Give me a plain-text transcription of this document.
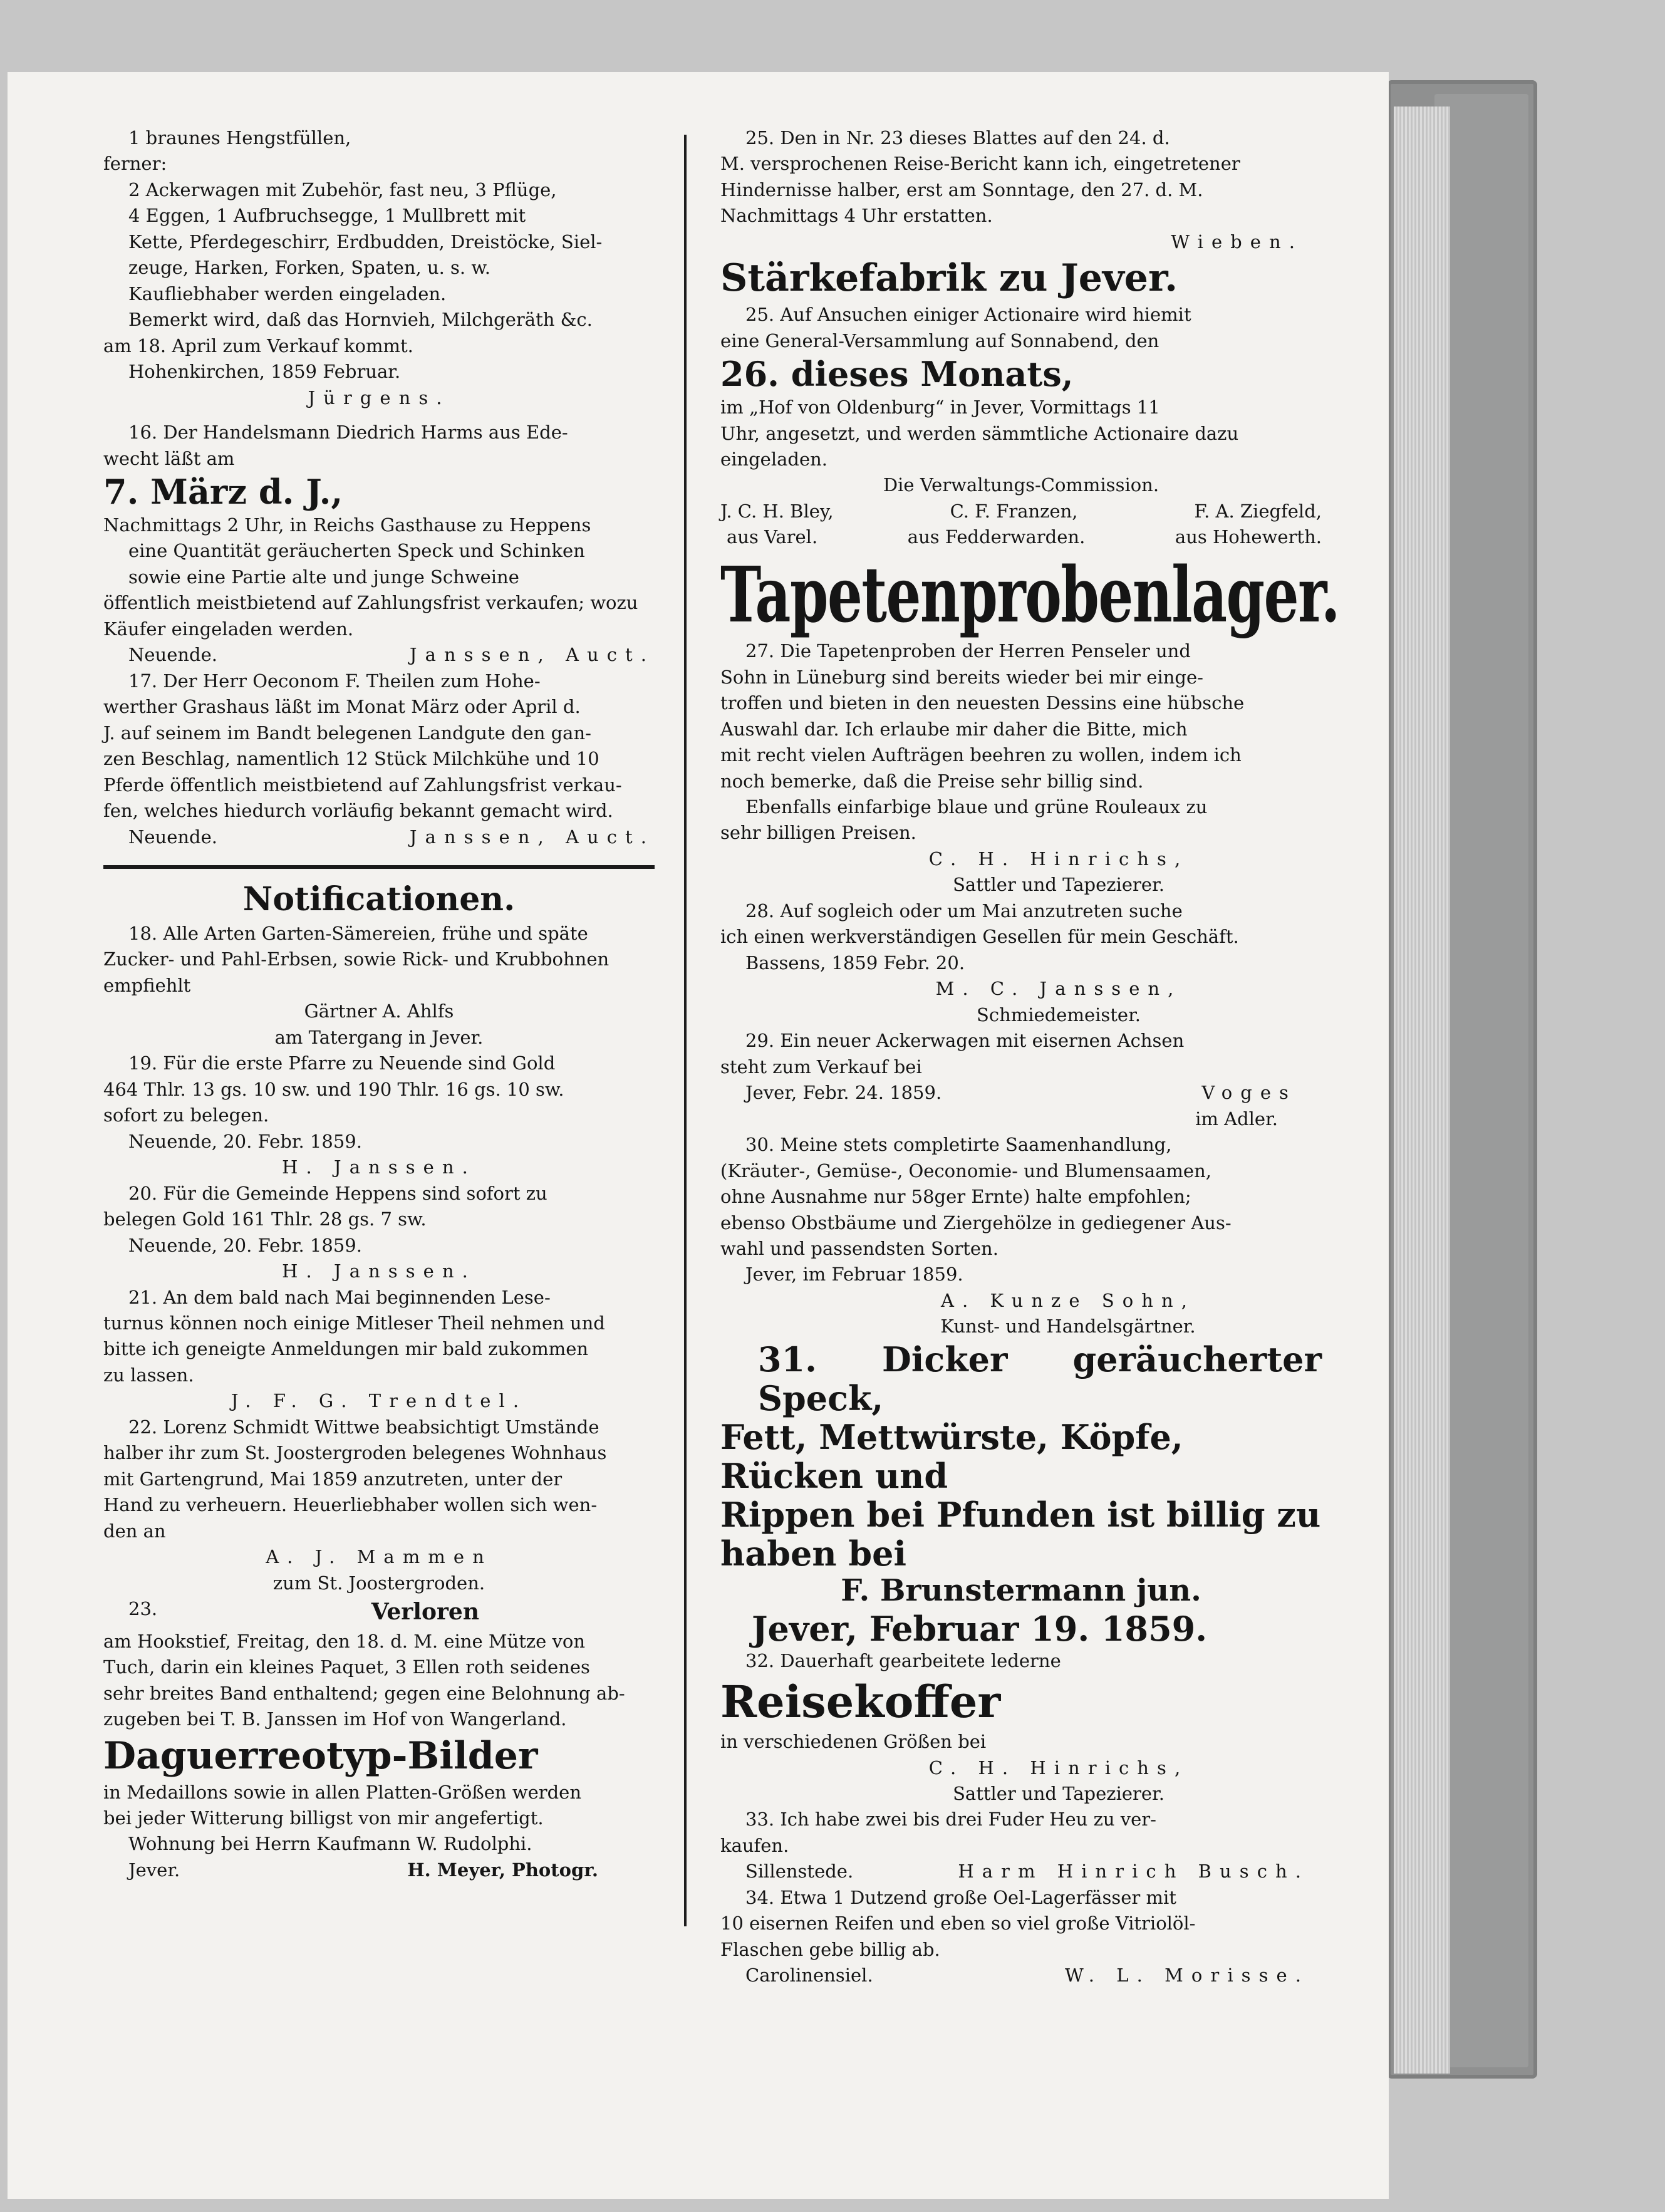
1 braunes Hengstfüllen,

ferner:

2 Ackerwagen mit Zubehör, fast neu, 3 Pflüge,

4 Eggen, 1 Aufbruchsegge, 1 Mullbrett mit

Kette, Pferdegeschirr, Erdbudden, Dreistöcke, Siel-

zeuge, Harken, Forken, Spaten, u. s. w.

Kaufliebhaber werden eingeladen.

Bemerkt wird, daß das Hornvieh, Milchgeräth &c.

am 18. April zum Verkauf kommt.

Hohenkirchen, 1859 Februar.

Jürgens.

16. Der Handelsmann Diedrich Harms aus Ede-

wecht läßt am

7. März d. J.,

Nachmittags 2 Uhr, in Reichs Gasthause zu Heppens

eine Quantität geräucherten Speck und Schinken

sowie eine Partie alte und junge Schweine

öffentlich meistbietend auf Zahlungsfrist verkaufen; wozu

Käufer eingeladen werden.

Neuende.	Janssen, Auct.

17. Der Herr Oeconom F. Theilen zum Hohe-

werther Grashaus läßt im Monat März oder April d.

J. auf seinem im Bandt belegenen Landgute den gan-

zen Beschlag, namentlich 12 Stück Milchkühe und 10

Pferde öffentlich meistbietend auf Zahlungsfrist verkau-

fen, welches hiedurch vorläufig bekannt gemacht wird.

Neuende.	Janssen, Auct.
Notificationen.

18. Alle Arten Garten-Sämereien, frühe und späte

Zucker- und Pahl-Erbsen, sowie Rick- und Krubbohnen

empfiehlt

Gärtner A. Ahlfs

am Tatergang in Jever.

19. Für die erste Pfarre zu Neuende sind Gold

464 Thlr. 13 gs. 10 sw. und 190 Thlr. 16 gs. 10 sw.

sofort zu belegen.

Neuende, 20. Febr. 1859.

H. Janssen.

20. Für die Gemeinde Heppens sind sofort zu

belegen Gold 161 Thlr. 28 gs. 7 sw.

Neuende, 20. Febr. 1859.

H. Janssen.

21. An dem bald nach Mai beginnenden Lese-

turnus können noch einige Mitleser Theil nehmen und

bitte ich geneigte Anmeldungen mir bald zukommen

zu lassen.

J. F. G. Trendtel.

22. Lorenz Schmidt Wittwe beabsichtigt Umstände

halber ihr zum St. Joostergroden belegenes Wohnhaus

mit Gartengrund, Mai 1859 anzutreten, unter der

Hand zu verheuern. Heuerliebhaber wollen sich wen-

den an

A. J. Mammen

zum St. Joostergroden.

23.	Verloren

am Hookstief, Freitag, den 18. d. M. eine Mütze von

Tuch, darin ein kleines Paquet, 3 Ellen roth seidenes

sehr breites Band enthaltend; gegen eine Belohnung ab-

zugeben bei T. B. Janssen im Hof von Wangerland.

Daguerreotyp-Bilder

in Medaillons sowie in allen Platten-Größen werden

bei jeder Witterung billigst von mir angefertigt.

Wohnung bei Herrn Kaufmann W. Rudolphi.

Jever.	H. Meyer, Photogr.

25. Den in Nr. 23 dieses Blattes auf den 24. d.

M. versprochenen Reise-Bericht kann ich, eingetretener

Hindernisse halber, erst am Sonntage, den 27. d. M.

Nachmittags 4 Uhr erstatten.

Wieben.

Stärkefabrik zu Jever.

25. Auf Ansuchen einiger Actionaire wird hiemit

eine General-Versammlung auf Sonnabend, den

26. dieses Monats,

im „Hof von Oldenburg“ in Jever, Vormittags 11

Uhr, angesetzt, und werden sämmtliche Actionaire dazu

eingeladen.

Die Verwaltungs-Commission.

J. C. H. Bley,	C. F. Franzen,	F. A. Ziegfeld,
aus Varel.	aus Fedderwarden.	aus Hohewerth.

Tapetenprobenlager.

27. Die Tapetenproben der Herren Penseler und

Sohn in Lüneburg sind bereits wieder bei mir einge-

troffen und bieten in den neuesten Dessins eine hübsche

Auswahl dar. Ich erlaube mir daher die Bitte, mich

mit recht vielen Aufträgen beehren zu wollen, indem ich

noch bemerke, daß die Preise sehr billig sind.

Ebenfalls einfarbige blaue und grüne Rouleaux zu

sehr billigen Preisen.

C. H. Hinrichs,

Sattler und Tapezierer.

28. Auf sogleich oder um Mai anzutreten suche

ich einen werkverständigen Gesellen für mein Geschäft.

Bassens, 1859 Febr. 20.

M. C. Janssen,

Schmiedemeister.

29. Ein neuer Ackerwagen mit eisernen Achsen

steht zum Verkauf bei

Jever, Febr. 24. 1859.	Voges

im Adler.

30. Meine stets completirte Saamenhandlung,

(Kräuter-, Gemüse-, Oeconomie- und Blumensaamen,

ohne Ausnahme nur 58ger Ernte) halte empfohlen;

ebenso Obstbäume und Ziergehölze in gediegener Aus-

wahl und passendsten Sorten.

Jever, im Februar 1859.

A. Kunze Sohn,

Kunst- und Handelsgärtner.

31. Dicker geräucherter Speck,

Fett, Mettwürste, Köpfe, Rücken und

Rippen bei Pfunden ist billig zu

haben bei

F. Brunstermann jun.

Jever, Februar 19. 1859.

32. Dauerhaft gearbeitete lederne

Reisekoffer

in verschiedenen Größen bei

C. H. Hinrichs,

Sattler und Tapezierer.

33. Ich habe zwei bis drei Fuder Heu zu ver-

kaufen.

Sillenstede.	Harm Hinrich Busch.

34. Etwa 1 Dutzend große Oel-Lagerfässer mit

10 eisernen Reifen und eben so viel große Vitriolöl-

Flaschen gebe billig ab.

Carolinensiel.	W. L. Morisse.
